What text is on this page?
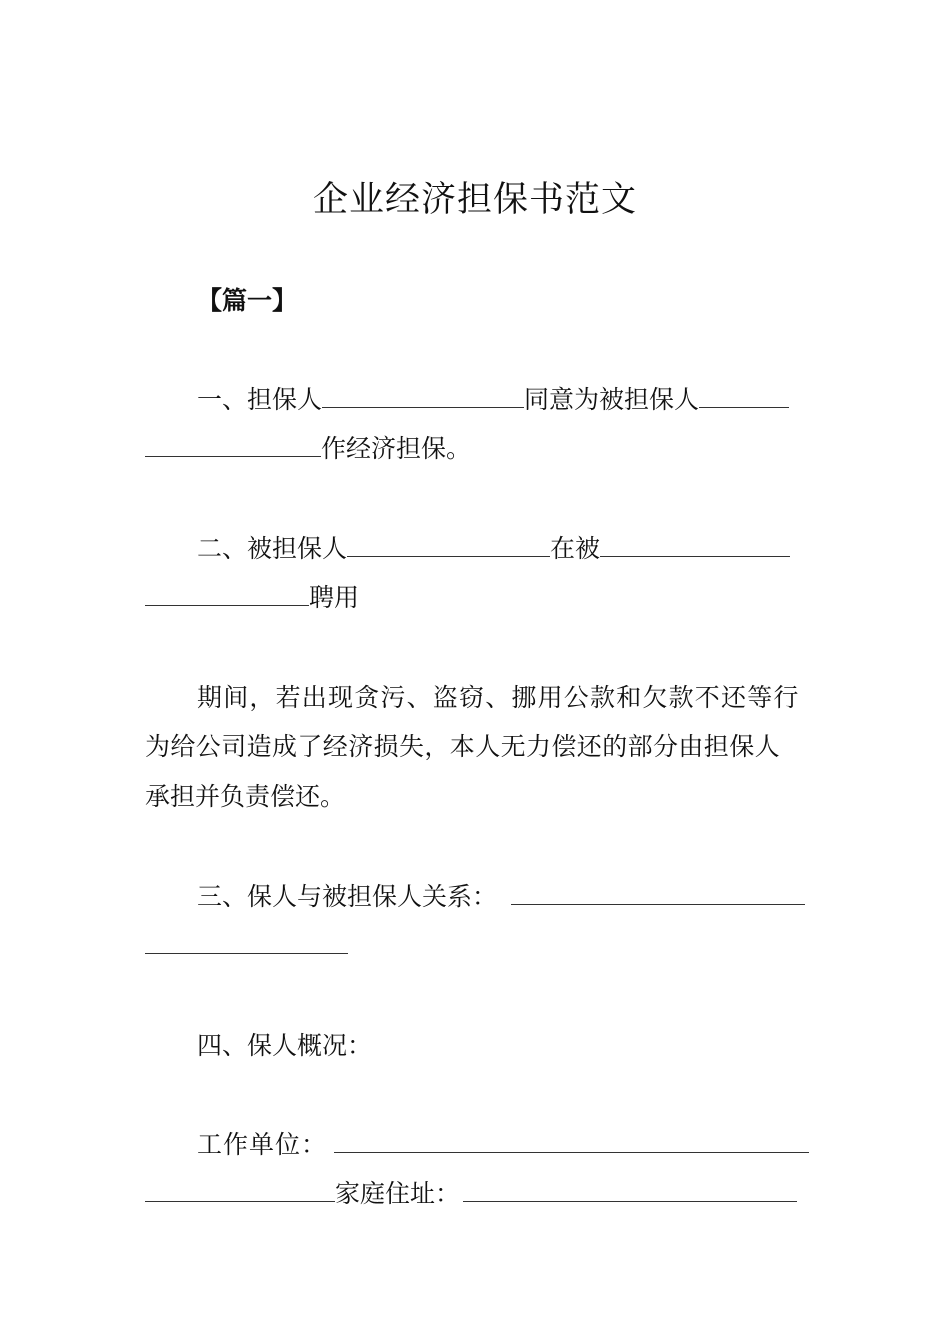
企业经济担保书范文
【篇一】
一、担保人	同意为被担保人
作经济担保。
二、被担保人	在被
聘用
期间，若出现贪污、盗窃、挪用公款和欠款不还等行
为给公司造成了经济损失，本人无力偿还的部分由担保人
承担并负责偿还。
三、保人与被担保人关系：
四、保人概况：
工作单位：
家庭住址：
